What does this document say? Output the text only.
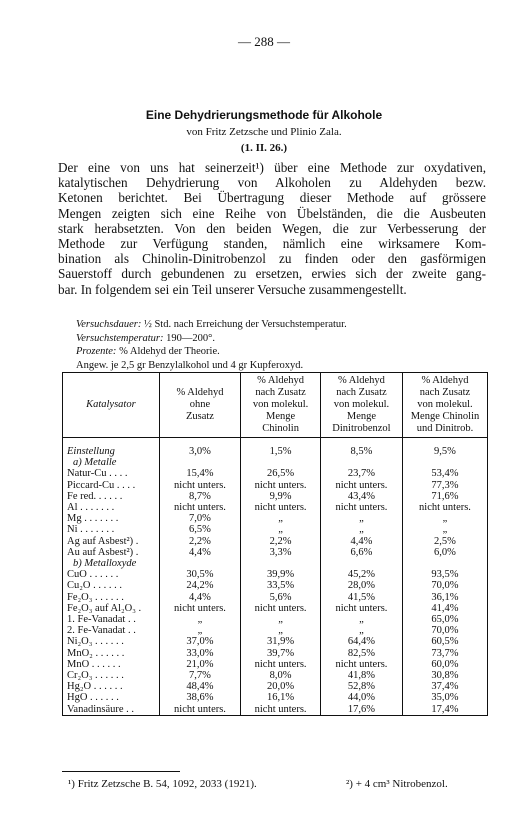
— 288 —
Eine Dehydrierungsmethode für Alkohole
von Fritz Zetzsche und Plinio Zala.
(1. II. 26.)
Der eine von uns hat seinerzeit¹) über eine Methode zur oxydativen,
katalytischen Dehydrierung von Alkoholen zu Aldehyden bezw.
Ketonen berichtet. Bei Übertragung dieser Methode auf grössere
Mengen zeigten sich eine Reihe von Übelständen, die die Ausbeuten
stark herabsetzten. Von den beiden Wegen, die zur Verbesserung der
Methode zur Verfügung standen, nämlich eine wirksamere Kom-
bination als Chinolin-Dinitrobenzol zu finden oder den gasförmigen
Sauerstoff durch gebundenen zu ersetzen, erwies sich der zweite gang-
bar. In folgendem sei ein Teil unserer Versuche zusammengestellt.
Versuchsdauer: ½ Std. nach Erreichung der Versuchstemperatur.
Versuchstemperatur: 190—200°.
Prozente: % Aldehyd der Theorie.
Angew. je 2,5 gr Benzylalkohol und 4 gr Kupferoxyd.
Katalysator	% Aldehyd
ohne
Zusatz	% Aldehyd
nach Zusatz
von molekul.
Menge
Chinolin	% Aldehyd
nach Zusatz
von molekul.
Menge
Dinitrobenzol	% Aldehyd
nach Zusatz
von molekul.
Menge Chinolin
und Dinitrob.
Einstellung	3,0%	1,5%	8,5%	9,5%
a) Metalle				
Natur-Cu . . . .	15,4%	26,5%	23,7%	53,4%
Piccard-Cu . . . .	nicht unters.	nicht unters.	nicht unters.	77,3%
Fe red. . . . . .	8,7%	9,9%	43,4%	71,6%
Al . . . . . . .	nicht unters.	nicht unters.	nicht unters.	nicht unters.
Mg . . . . . . .	7,0%	„	„	„
Ni . . . . . . .	6,5%	„	„	„
Ag auf Asbest²) .	2,2%	2,2%	4,4%	2,5%
Au auf Asbest²) .	4,4%	3,3%	6,6%	6,0%
b) Metalloxyde				
CuO . . . . . .	30,5%	39,9%	45,2%	93,5%
Cu₂O . . . . . .	24,2%	33,5%	28,0%	70,0%
Fe₂O₃ . . . . . .	4,4%	5,6%	41,5%	36,1%
Fe₂O₃ auf Al₂O₃ .	nicht unters.	nicht unters.	nicht unters.	41,4%
1. Fe-Vanadat . .	„	„	„	65,0%
2. Fe-Vanadat . .	„	„	„	70,0%
Ni₂O₃ . . . . . .	37,0%	31,9%	64,4%	60,5%
MnO₂ . . . . . .	33,0%	39,7%	82,5%	73,7%
MnO . . . . . .	21,0%	nicht unters.	nicht unters.	60,0%
Cr₂O₃ . . . . . .	7,7%	8,0%	41,8%	30,8%
Hg₂O . . . . . .	48,4%	20,0%	52,8%	37,4%
HgO . . . . . .	38,6%	16,1%	44,0%	35,0%
Vanadinsäure . .	nicht unters.	nicht unters.	17,6%	17,4%
¹) Fritz Zetzsche B. 54, 1092, 2033 (1921).	²) + 4 cm³ Nitrobenzol.
